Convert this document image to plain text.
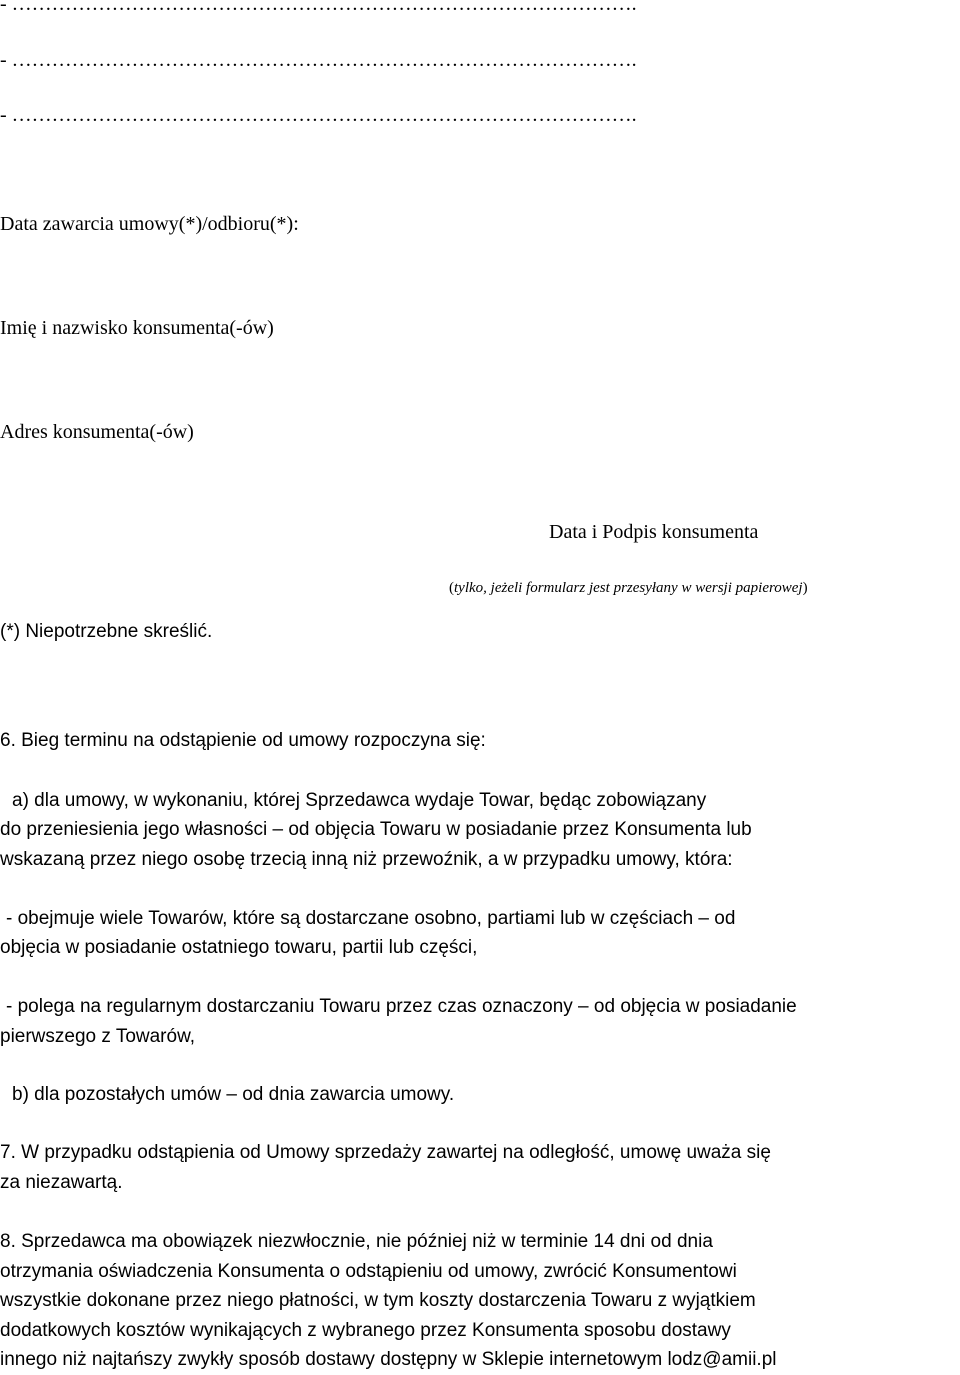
- ………………………………………………………………………………….
- ………………………………………………………………………………….
- ………………………………………………………………………………….
Data zawarcia umowy(*)/odbioru(*):
Imię i nazwisko konsumenta(-ów)
Adres konsumenta(-ów)
Data i Podpis konsumenta
(tylko, jeżeli formularz jest przesyłany w wersji papierowej)
(*) Niepotrzebne skreślić.
6. Bieg terminu na odstąpienie od umowy rozpoczyna się:
a) dla umowy, w wykonaniu, której Sprzedawca wydaje Towar, będąc zobowiązany
do przeniesienia jego własności – od objęcia Towaru w posiadanie przez Konsumenta lub
wskazaną przez niego osobę trzecią inną niż przewoźnik, a w przypadku umowy, która:
- obejmuje wiele Towarów, które są dostarczane osobno, partiami lub w częściach – od
objęcia w posiadanie ostatniego towaru, partii lub części,
- polega na regularnym dostarczaniu Towaru przez czas oznaczony – od objęcia w posiadanie
pierwszego z Towarów,
b) dla pozostałych umów – od dnia zawarcia umowy.
7. W przypadku odstąpienia od Umowy sprzedaży zawartej na odległość, umowę uważa się
za niezawartą.
8. Sprzedawca ma obowiązek niezwłocznie, nie później niż w terminie 14 dni od dnia
otrzymania oświadczenia Konsumenta o odstąpieniu od umowy, zwrócić Konsumentowi
wszystkie dokonane przez niego płatności, w tym koszty dostarczenia Towaru z wyjątkiem
dodatkowych kosztów wynikających z wybranego przez Konsumenta sposobu dostawy
innego niż najtańszy zwykły sposób dostawy dostępny w Sklepie internetowym lodz@amii.pl
